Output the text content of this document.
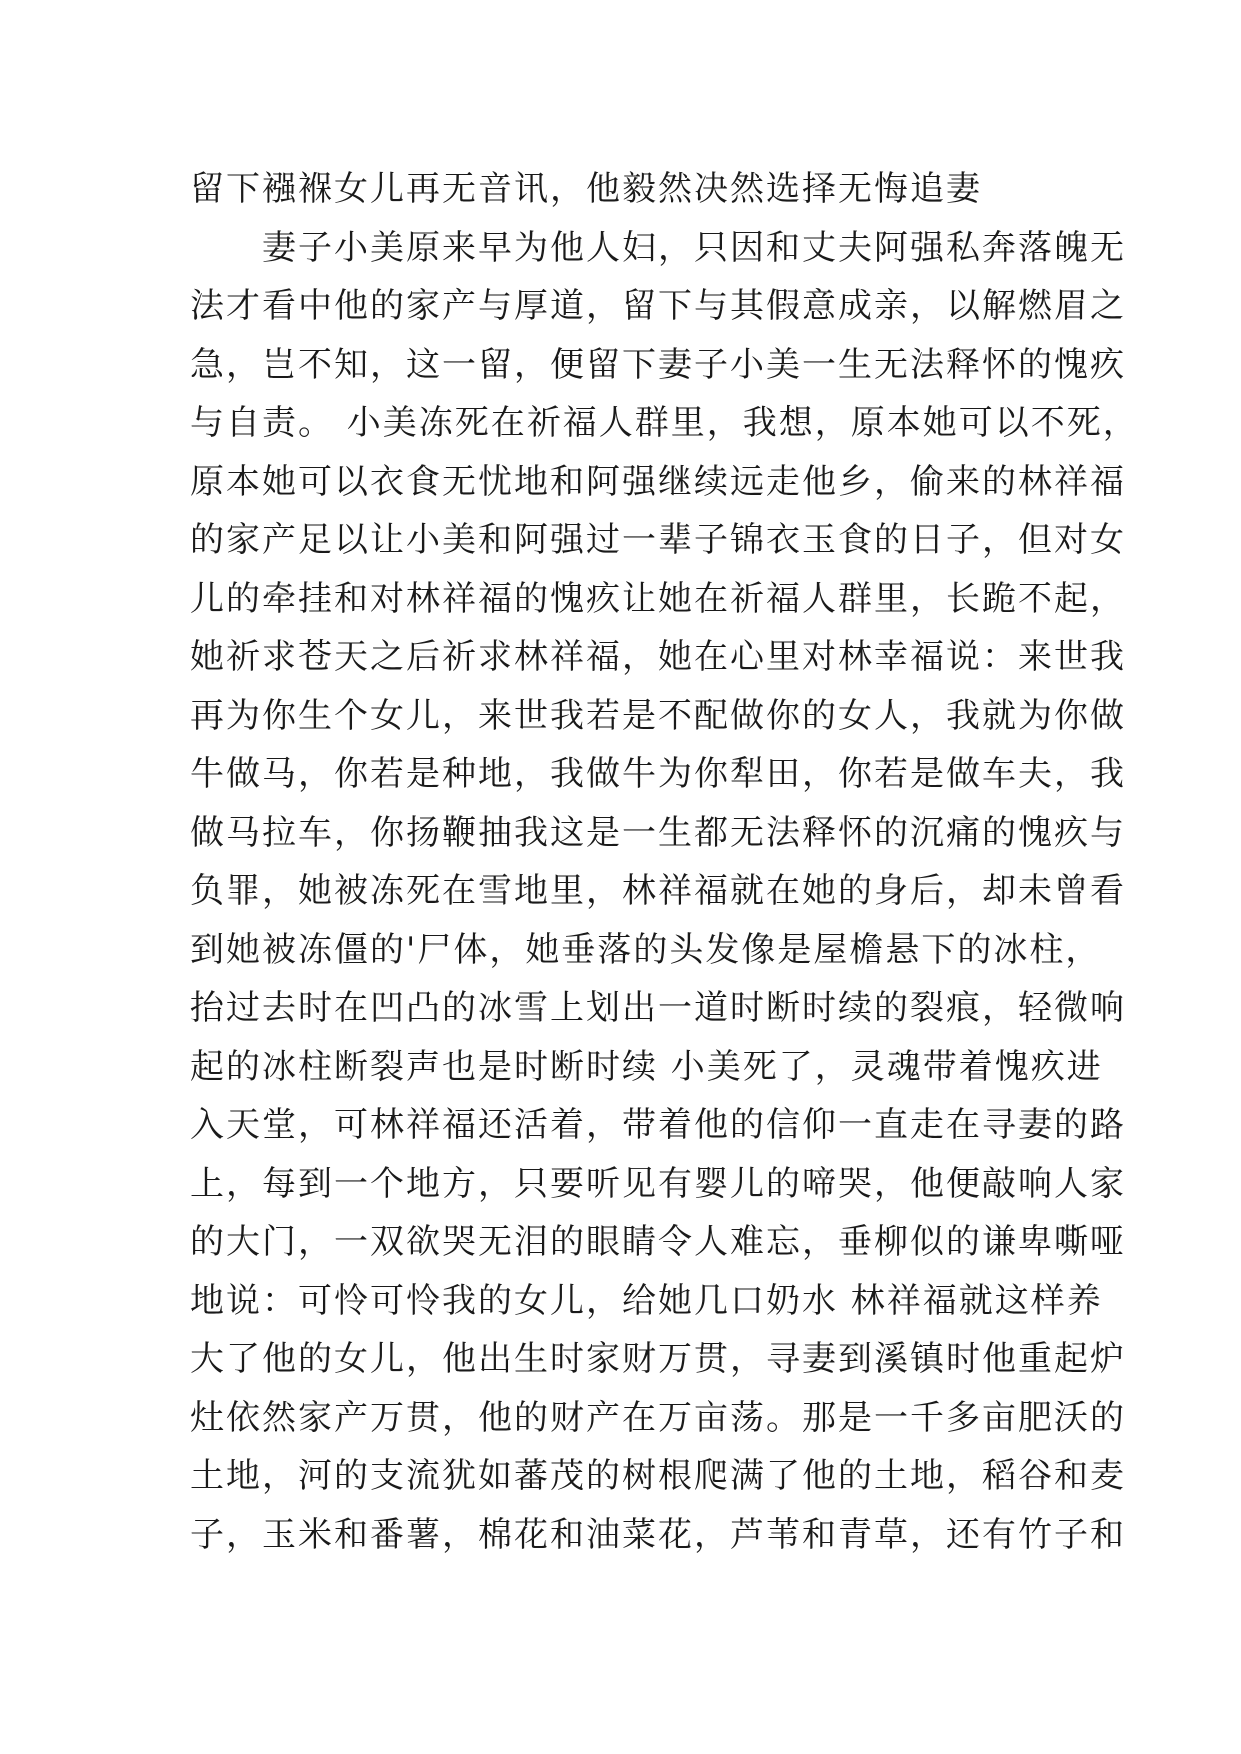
留下襁褓女儿再无音讯，他毅然决然选择无悔追妻
　　妻子小美原来早为他人妇，只因和丈夫阿强私奔落魄无
法才看中他的家产与厚道，留下与其假意成亲，以解燃眉之
急，岂不知，这一留，便留下妻子小美一生无法释怀的愧疚
与自责。 小美冻死在祈福人群里，我想，原本她可以不死，
原本她可以衣食无忧地和阿强继续远走他乡，偷来的林祥福
的家产足以让小美和阿强过一辈子锦衣玉食的日子，但对女
儿的牵挂和对林祥福的愧疚让她在祈福人群里，长跪不起，
她祈求苍天之后祈求林祥福，她在心里对林幸福说：来世我
再为你生个女儿，来世我若是不配做你的女人，我就为你做
牛做马，你若是种地，我做牛为你犁田，你若是做车夫，我
做马拉车，你扬鞭抽我这是一生都无法释怀的沉痛的愧疚与
负罪，她被冻死在雪地里，林祥福就在她的身后，却未曾看
到她被冻僵的'尸体，她垂落的头发像是屋檐悬下的冰柱，
抬过去时在凹凸的冰雪上划出一道时断时续的裂痕，轻微响
起的冰柱断裂声也是时断时续 小美死了，灵魂带着愧疚进
入天堂，可林祥福还活着，带着他的信仰一直走在寻妻的路
上，每到一个地方，只要听见有婴儿的啼哭，他便敲响人家
的大门，一双欲哭无泪的眼睛令人难忘，垂柳似的谦卑嘶哑
地说：可怜可怜我的女儿，给她几口奶水 林祥福就这样养
大了他的女儿，他出生时家财万贯，寻妻到溪镇时他重起炉
灶依然家产万贯，他的财产在万亩荡。那是一千多亩肥沃的
土地，河的支流犹如蕃茂的树根爬满了他的土地，稻谷和麦
子，玉米和番薯，棉花和油菜花，芦苇和青草，还有竹子和
